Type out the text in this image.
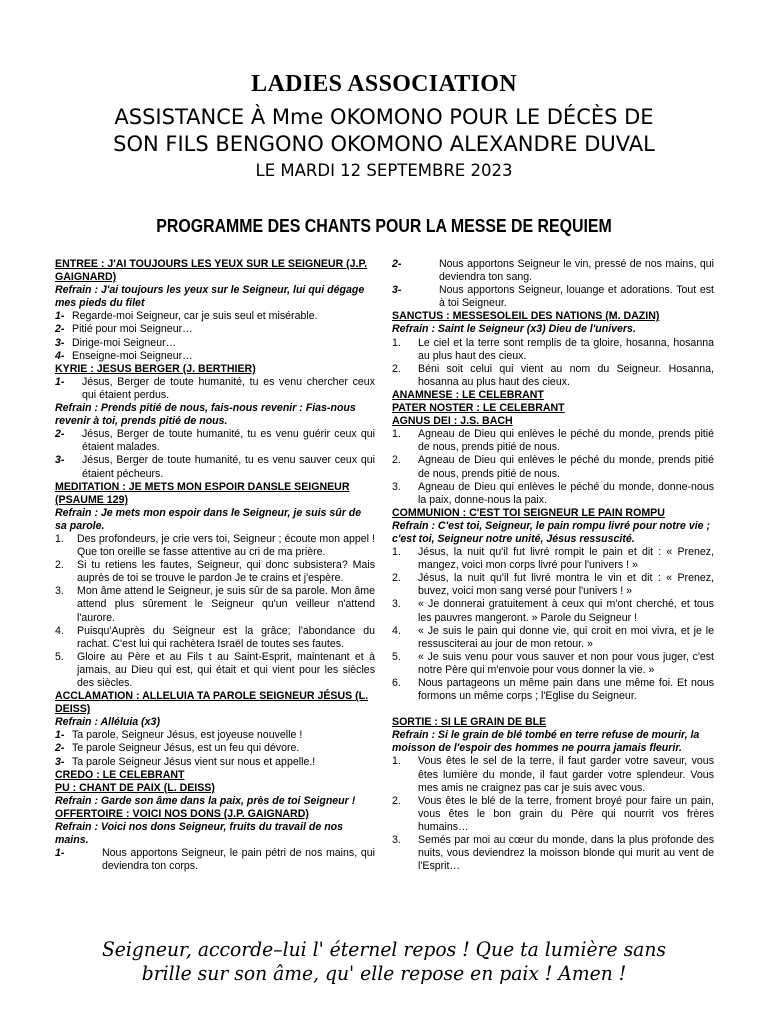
LADIES ASSOCIATION
ASSISTANCE À Mme OKOMONO POUR LE DÉCÈS DE
SON FILS BENGONO OKOMONO ALEXANDRE DUVAL
LE MARDI 12 SEPTEMBRE 2023
PROGRAMME DES CHANTS POUR LA MESSE DE REQUIEM
ENTREE : J'AI TOUJOURS LES YEUX SUR LE SEIGNEUR (J.P. GAIGNARD)
Refrain : J'ai toujours les yeux sur le Seigneur, lui qui dégage mes pieds du filet
1- Regarde-moi Seigneur, car je suis seul et misérable.
2- Pitié pour moi Seigneur…
3- Dirige-moi Seigneur…
4- Enseigne-moi Seigneur…
KYRIE : JESUS BERGER (J. BERTHIER)
1-	Jésus, Berger de toute humanité, tu es venu chercher ceux qui étaient perdus.
Refrain : Prends pitié de nous, fais-nous revenir : Fias-nous revenir à toi, prends pitié de nous.
2-	Jésus, Berger de toute humanité, tu es venu guérir ceux qui étaient malades.
3-	Jésus, Berger de toute humanité, tu es venu sauver ceux qui étaient pécheurs.
MEDITATION : JE METS MON ESPOIR DANSLE SEIGNEUR (PSAUME 129)
Refrain : Je mets mon espoir dans le Seigneur, je suis sûr de sa parole.
1.	Des profondeurs, je crie vers toi, Seigneur ; écoute mon appel ! Que ton oreille se fasse attentive au cri de ma prière.
2.	Si tu retiens les fautes, Seigneur, qui donc subsistera? Mais auprès de toi se trouve le pardon Je te crains et j'espère.
3.	Mon âme attend le Seigneur, je suis sûr de sa parole. Mon âme attend plus sûrement le Seigneur qu'un veilleur n'attend l'aurore.
4.	Puisqu'Auprès du Seigneur est la grâce; l'abondance du rachat. C'est lui qui rachètera Israël de toutes ses fautes.
5.	Gloire au Père et au Fils t au Saint-Esprit, maintenant et à jamais, au Dieu qui est, qui était et qui vient pour les siècles des siècles.
ACCLAMATION : ALLELUIA TA PAROLE SEIGNEUR JÉSUS (L. DEISS)
Refrain : Alléluia (x3)
1- Ta parole, Seigneur Jésus, est joyeuse nouvelle !
2- Te parole Seigneur Jésus, est un feu qui dévore.
3- Ta parole Seigneur Jésus vient sur nous et appelle.!
CREDO : LE CELEBRANT
PU : CHANT DE PAIX (L. DEISS)
Refrain : Garde son âme dans la paix, près de toi Seigneur !
OFFERTOIRE : VOICI NOS DONS (J.P. GAIGNARD)
Refrain : Voici nos dons Seigneur, fruits du travail de nos mains.
1-	Nous apportons Seigneur, le pain pétri de nos mains, qui deviendra ton corps.
2-	Nous apportons Seigneur le vin, pressé de nos mains, qui deviendra ton sang.
3-	Nous apportons Seigneur, louange et adorations. Tout est à toi Seigneur.
SANCTUS : MESSESOLEIL DES NATIONS (M. DAZIN)
Refrain : Saint le Seigneur (x3) Dieu de l'univers.
1.	Le ciel et la terre sont remplis de ta gloire, hosanna, hosanna au plus haut des cieux.
2.	Béni soit celui qui vient au nom du Seigneur. Hosanna, hosanna au plus haut des cieux.
ANAMNESE : LE CELEBRANT
PATER NOSTER : LE CELEBRANT
AGNUS DEI : J.S. BACH
1.	Agneau de Dieu qui enlèves le péché du monde, prends pitié de nous, prends pitié de nous.
2.	Agneau de Dieu qui enlèves le péché du monde, prends pitié de nous, prends pitié de nous.
3.	Agneau de Dieu qui enlèves le péché du monde, donne-nous la paix, donne-nous la paix.
COMMUNION : C'EST TOI SEIGNEUR LE PAIN ROMPU
Refrain : C'est toi, Seigneur, le pain rompu livré pour notre vie ; c'est toi, Seigneur notre unité, Jésus ressuscité.
1.	Jésus, la nuit qu'il fut livré rompit le pain et dit : « Prenez, mangez, voici mon corps livré pour l'univers ! »
2.	Jésus, la nuit qu'il fut livré montra le vin et dit : « Prenez, buvez, voici mon sang versé pour l'univers ! »
3.	« Je donnerai gratuitement à ceux qui m'ont cherché, et tous les pauvres mangeront. » Parole du Seigneur !
4.	« Je suis le pain qui donne vie, qui croit en moi vivra, et je le ressusciterai au jour de mon retour. »
5.	« Je suis venu pour vous sauver et non pour vous juger, c'est notre Père qui m'envoie pour vous donner la vie. »
6.	Nous partageons un même pain dans une même foi. Et nous formons un même corps ; l'Eglise du Seigneur.
SORTIE : SI LE GRAIN DE BLE
Refrain : Si le grain de blé tombé en terre refuse de mourir, la moisson de l'espoir des hommes ne pourra jamais fleurir.
1.	Vous êtes le sel de la terre, il faut garder votre saveur, vous êtes lumière du monde, il faut garder votre splendeur. Vous mes amis ne craignez pas car je suis avec vous.
2.	Vous êtes le blé de la terre, froment broyé pour faire un pain, vous êtes le bon grain du Père qui nourrit vos frères humains…
3.	Semés par moi au cœur du monde, dans la plus profonde des nuits, vous deviendrez la moisson blonde qui murit au vent de l'Esprit…
Seigneur, accorde–lui l' éternel repos ! Que ta lumière sans
brille sur son âme, qu' elle repose en paix ! Amen !
